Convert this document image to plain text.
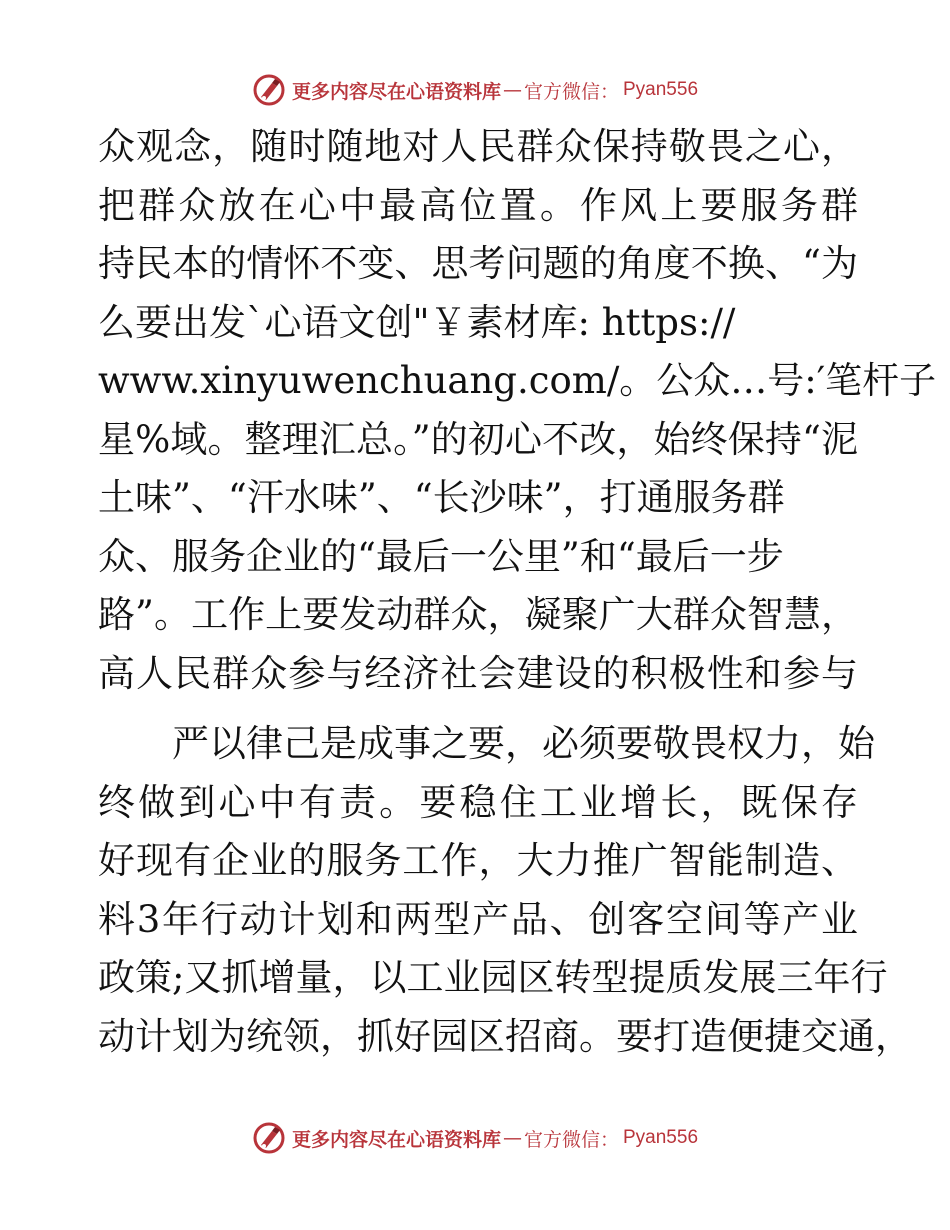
更多内容尽在心语资料库 — 官方微信： Pyan556
众观念，随时随地对人民群众保持敬畏之心，
把群众放在心中最高位置。作风上要服务群
持民本的情怀不变、思考问题的角度不换、“为
么要出发`心语文创"￥素材库: https://
www.xinyuwenchuang.com/。公众…号:′笔杆子
星%域。整理汇总。”的初心不改，始终保持“泥
土味”、“汗水味”、“长沙味”，打通服务群
众、服务企业的“最后一公里”和“最后一步
路”。工作上要发动群众，凝聚广大群众智慧，
高人民群众参与经济社会建设的积极性和参与
严以律己是成事之要，必须要敬畏权力，始
终做到心中有责。要稳住工业增长，既保存
好现有企业的服务工作，大力推广智能制造、
料3年行动计划和两型产品、创客空间等产业
政策;又抓增量，以工业园区转型提质发展三年行
动计划为统领，抓好园区招商。要打造便捷交通，
更多内容尽在心语资料库 — 官方微信： Pyan556
